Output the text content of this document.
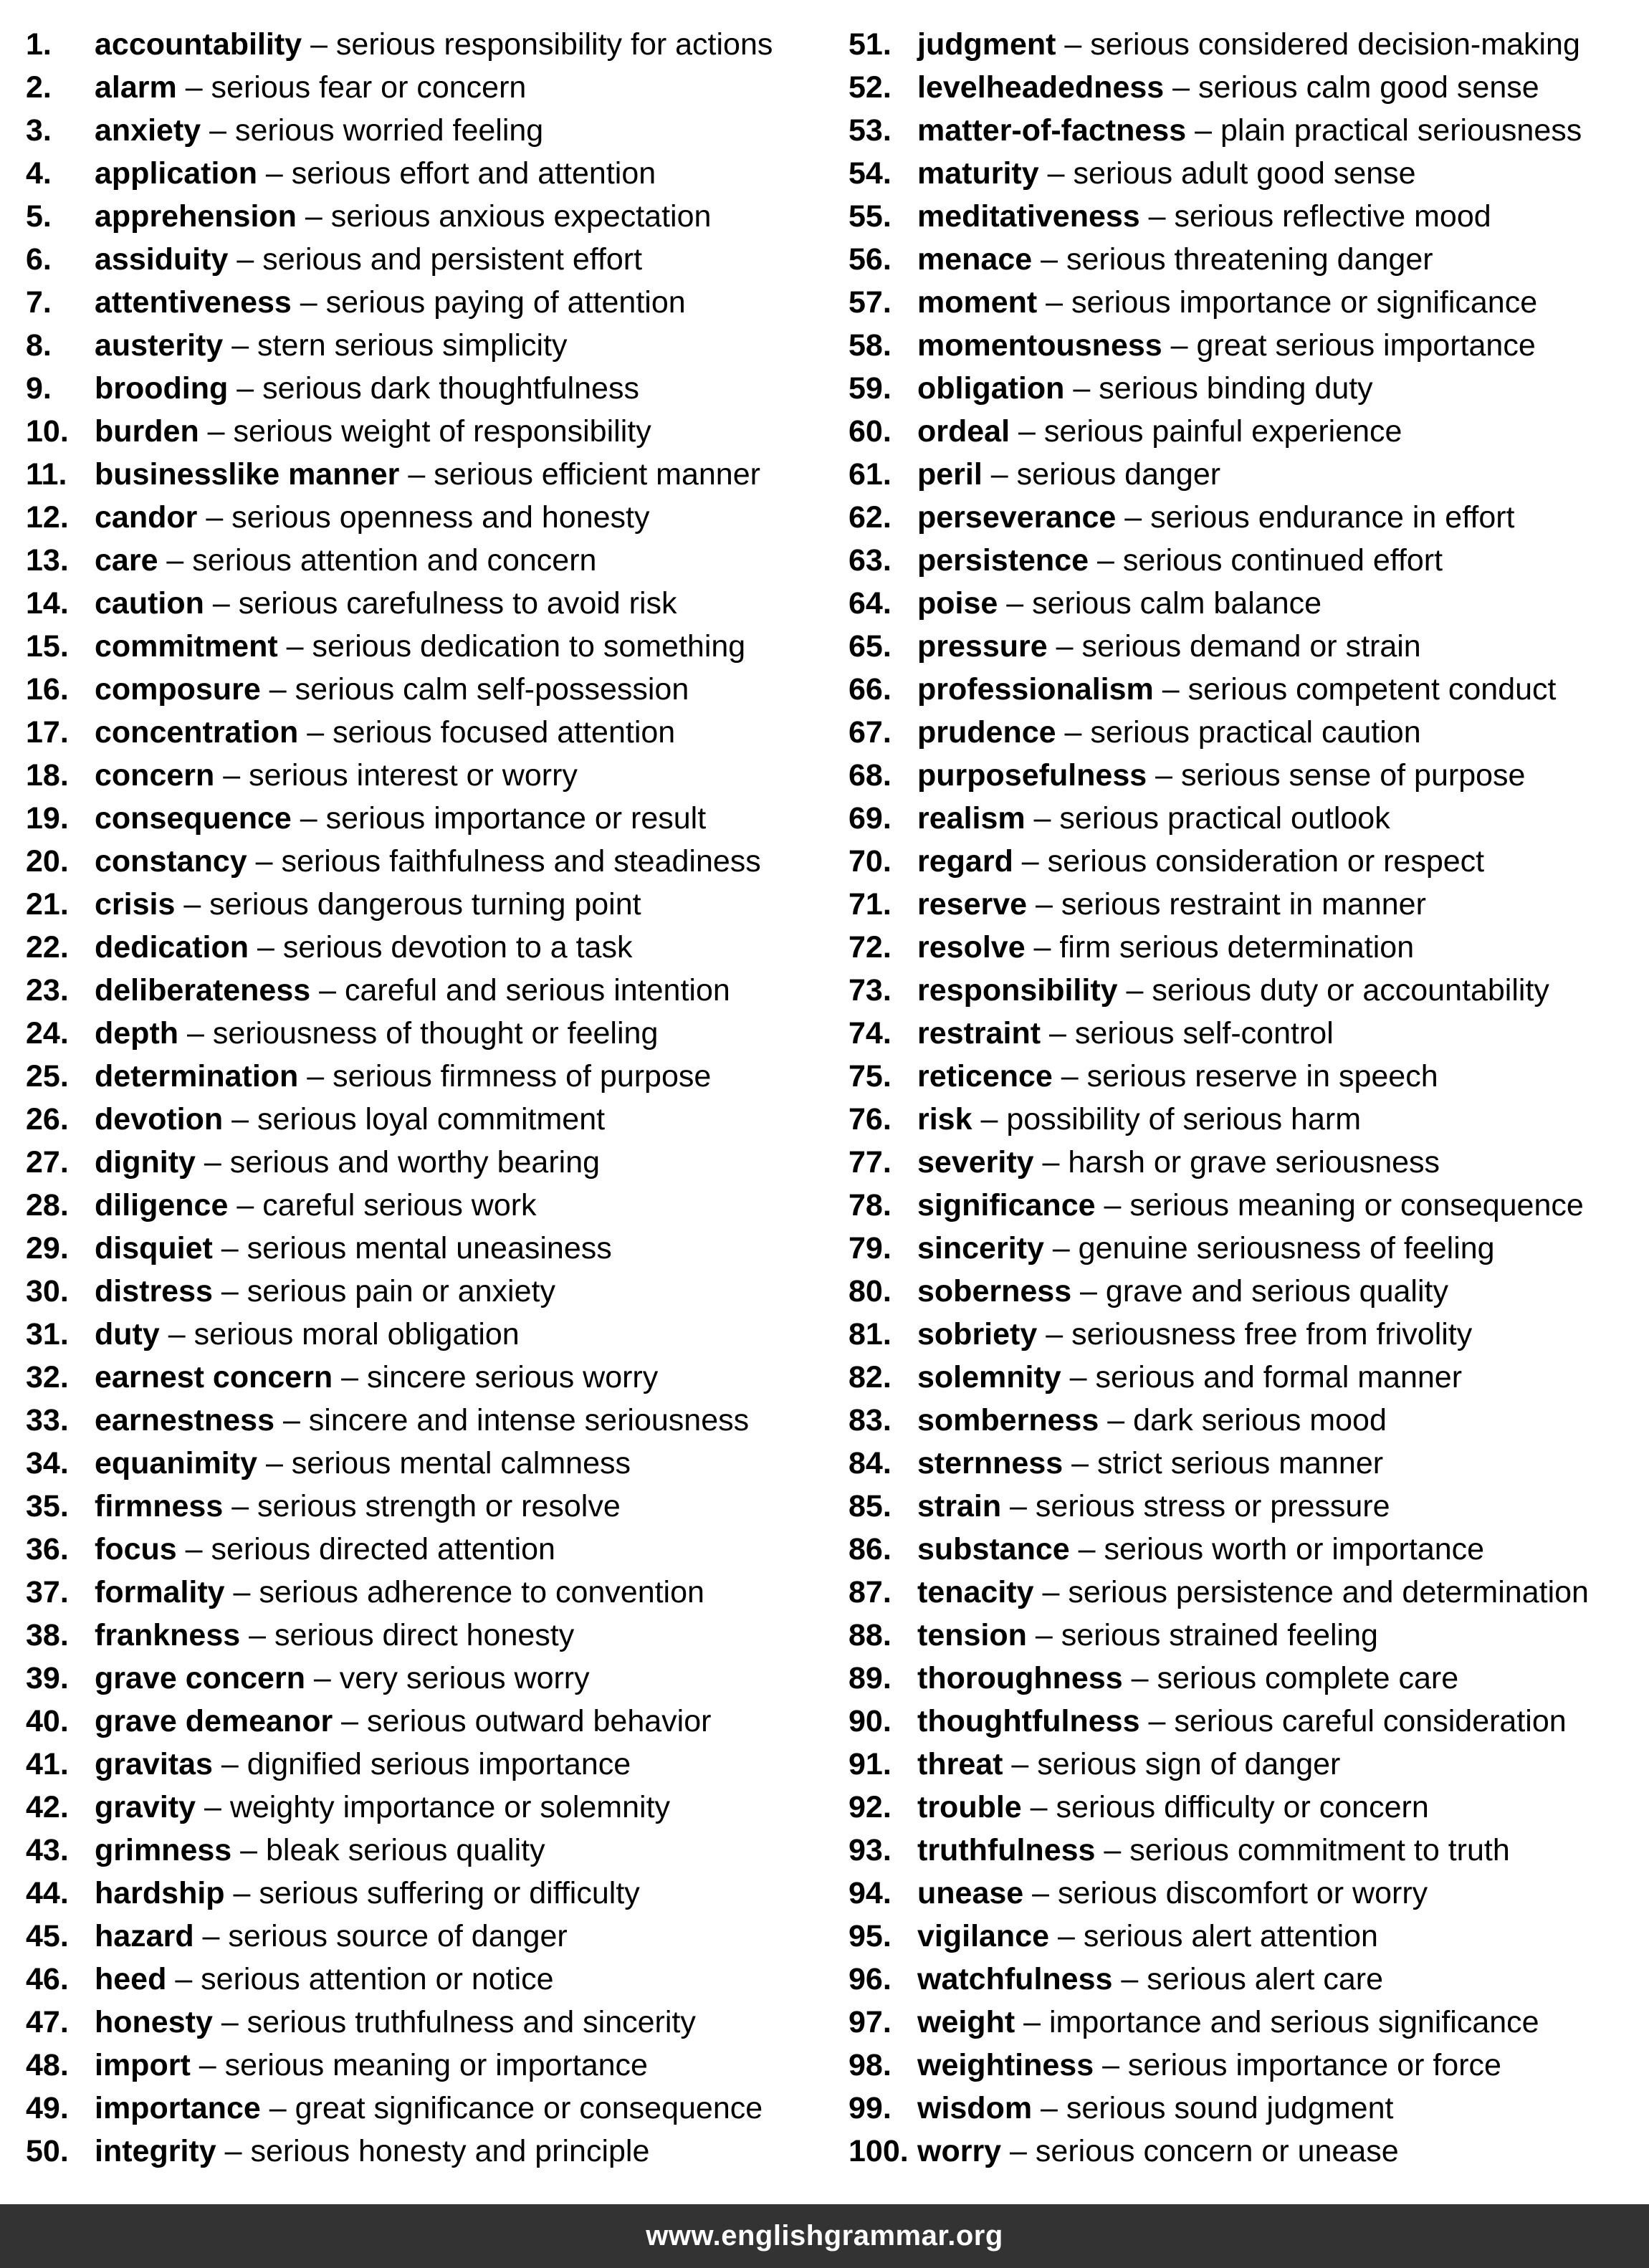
1. accountability – serious responsibility for actions
2. alarm – serious fear or concern
3. anxiety – serious worried feeling
4. application – serious effort and attention
5. apprehension – serious anxious expectation
6. assiduity – serious and persistent effort
7. attentiveness – serious paying of attention
8. austerity – stern serious simplicity
9. brooding – serious dark thoughtfulness
10. burden – serious weight of responsibility
11. businesslike manner – serious efficient manner
12. candor – serious openness and honesty
13. care – serious attention and concern
14. caution – serious carefulness to avoid risk
15. commitment – serious dedication to something
16. composure – serious calm self-possession
17. concentration – serious focused attention
18. concern – serious interest or worry
19. consequence – serious importance or result
20. constancy – serious faithfulness and steadiness
21. crisis – serious dangerous turning point
22. dedication – serious devotion to a task
23. deliberateness – careful and serious intention
24. depth – seriousness of thought or feeling
25. determination – serious firmness of purpose
26. devotion – serious loyal commitment
27. dignity – serious and worthy bearing
28. diligence – careful serious work
29. disquiet – serious mental uneasiness
30. distress – serious pain or anxiety
31. duty – serious moral obligation
32. earnest concern – sincere serious worry
33. earnestness – sincere and intense seriousness
34. equanimity – serious mental calmness
35. firmness – serious strength or resolve
36. focus – serious directed attention
37. formality – serious adherence to convention
38. frankness – serious direct honesty
39. grave concern – very serious worry
40. grave demeanor – serious outward behavior
41. gravitas – dignified serious importance
42. gravity – weighty importance or solemnity
43. grimness – bleak serious quality
44. hardship – serious suffering or difficulty
45. hazard – serious source of danger
46. heed – serious attention or notice
47. honesty – serious truthfulness and sincerity
48. import – serious meaning or importance
49. importance – great significance or consequence
50. integrity – serious honesty and principle
51. judgment – serious considered decision-making
52. levelheadedness – serious calm good sense
53. matter-of-factness – plain practical seriousness
54. maturity – serious adult good sense
55. meditativeness – serious reflective mood
56. menace – serious threatening danger
57. moment – serious importance or significance
58. momentousness – great serious importance
59. obligation – serious binding duty
60. ordeal – serious painful experience
61. peril – serious danger
62. perseverance – serious endurance in effort
63. persistence – serious continued effort
64. poise – serious calm balance
65. pressure – serious demand or strain
66. professionalism – serious competent conduct
67. prudence – serious practical caution
68. purposefulness – serious sense of purpose
69. realism – serious practical outlook
70. regard – serious consideration or respect
71. reserve – serious restraint in manner
72. resolve – firm serious determination
73. responsibility – serious duty or accountability
74. restraint – serious self-control
75. reticence – serious reserve in speech
76. risk – possibility of serious harm
77. severity – harsh or grave seriousness
78. significance – serious meaning or consequence
79. sincerity – genuine seriousness of feeling
80. soberness – grave and serious quality
81. sobriety – seriousness free from frivolity
82. solemnity – serious and formal manner
83. somberness – dark serious mood
84. sternness – strict serious manner
85. strain – serious stress or pressure
86. substance – serious worth or importance
87. tenacity – serious persistence and determination
88. tension – serious strained feeling
89. thoroughness – serious complete care
90. thoughtfulness – serious careful consideration
91. threat – serious sign of danger
92. trouble – serious difficulty or concern
93. truthfulness – serious commitment to truth
94. unease – serious discomfort or worry
95. vigilance – serious alert attention
96. watchfulness – serious alert care
97. weight – importance and serious significance
98. weightiness – serious importance or force
99. wisdom – serious sound judgment
100. worry – serious concern or unease
www.englishgrammar.org
